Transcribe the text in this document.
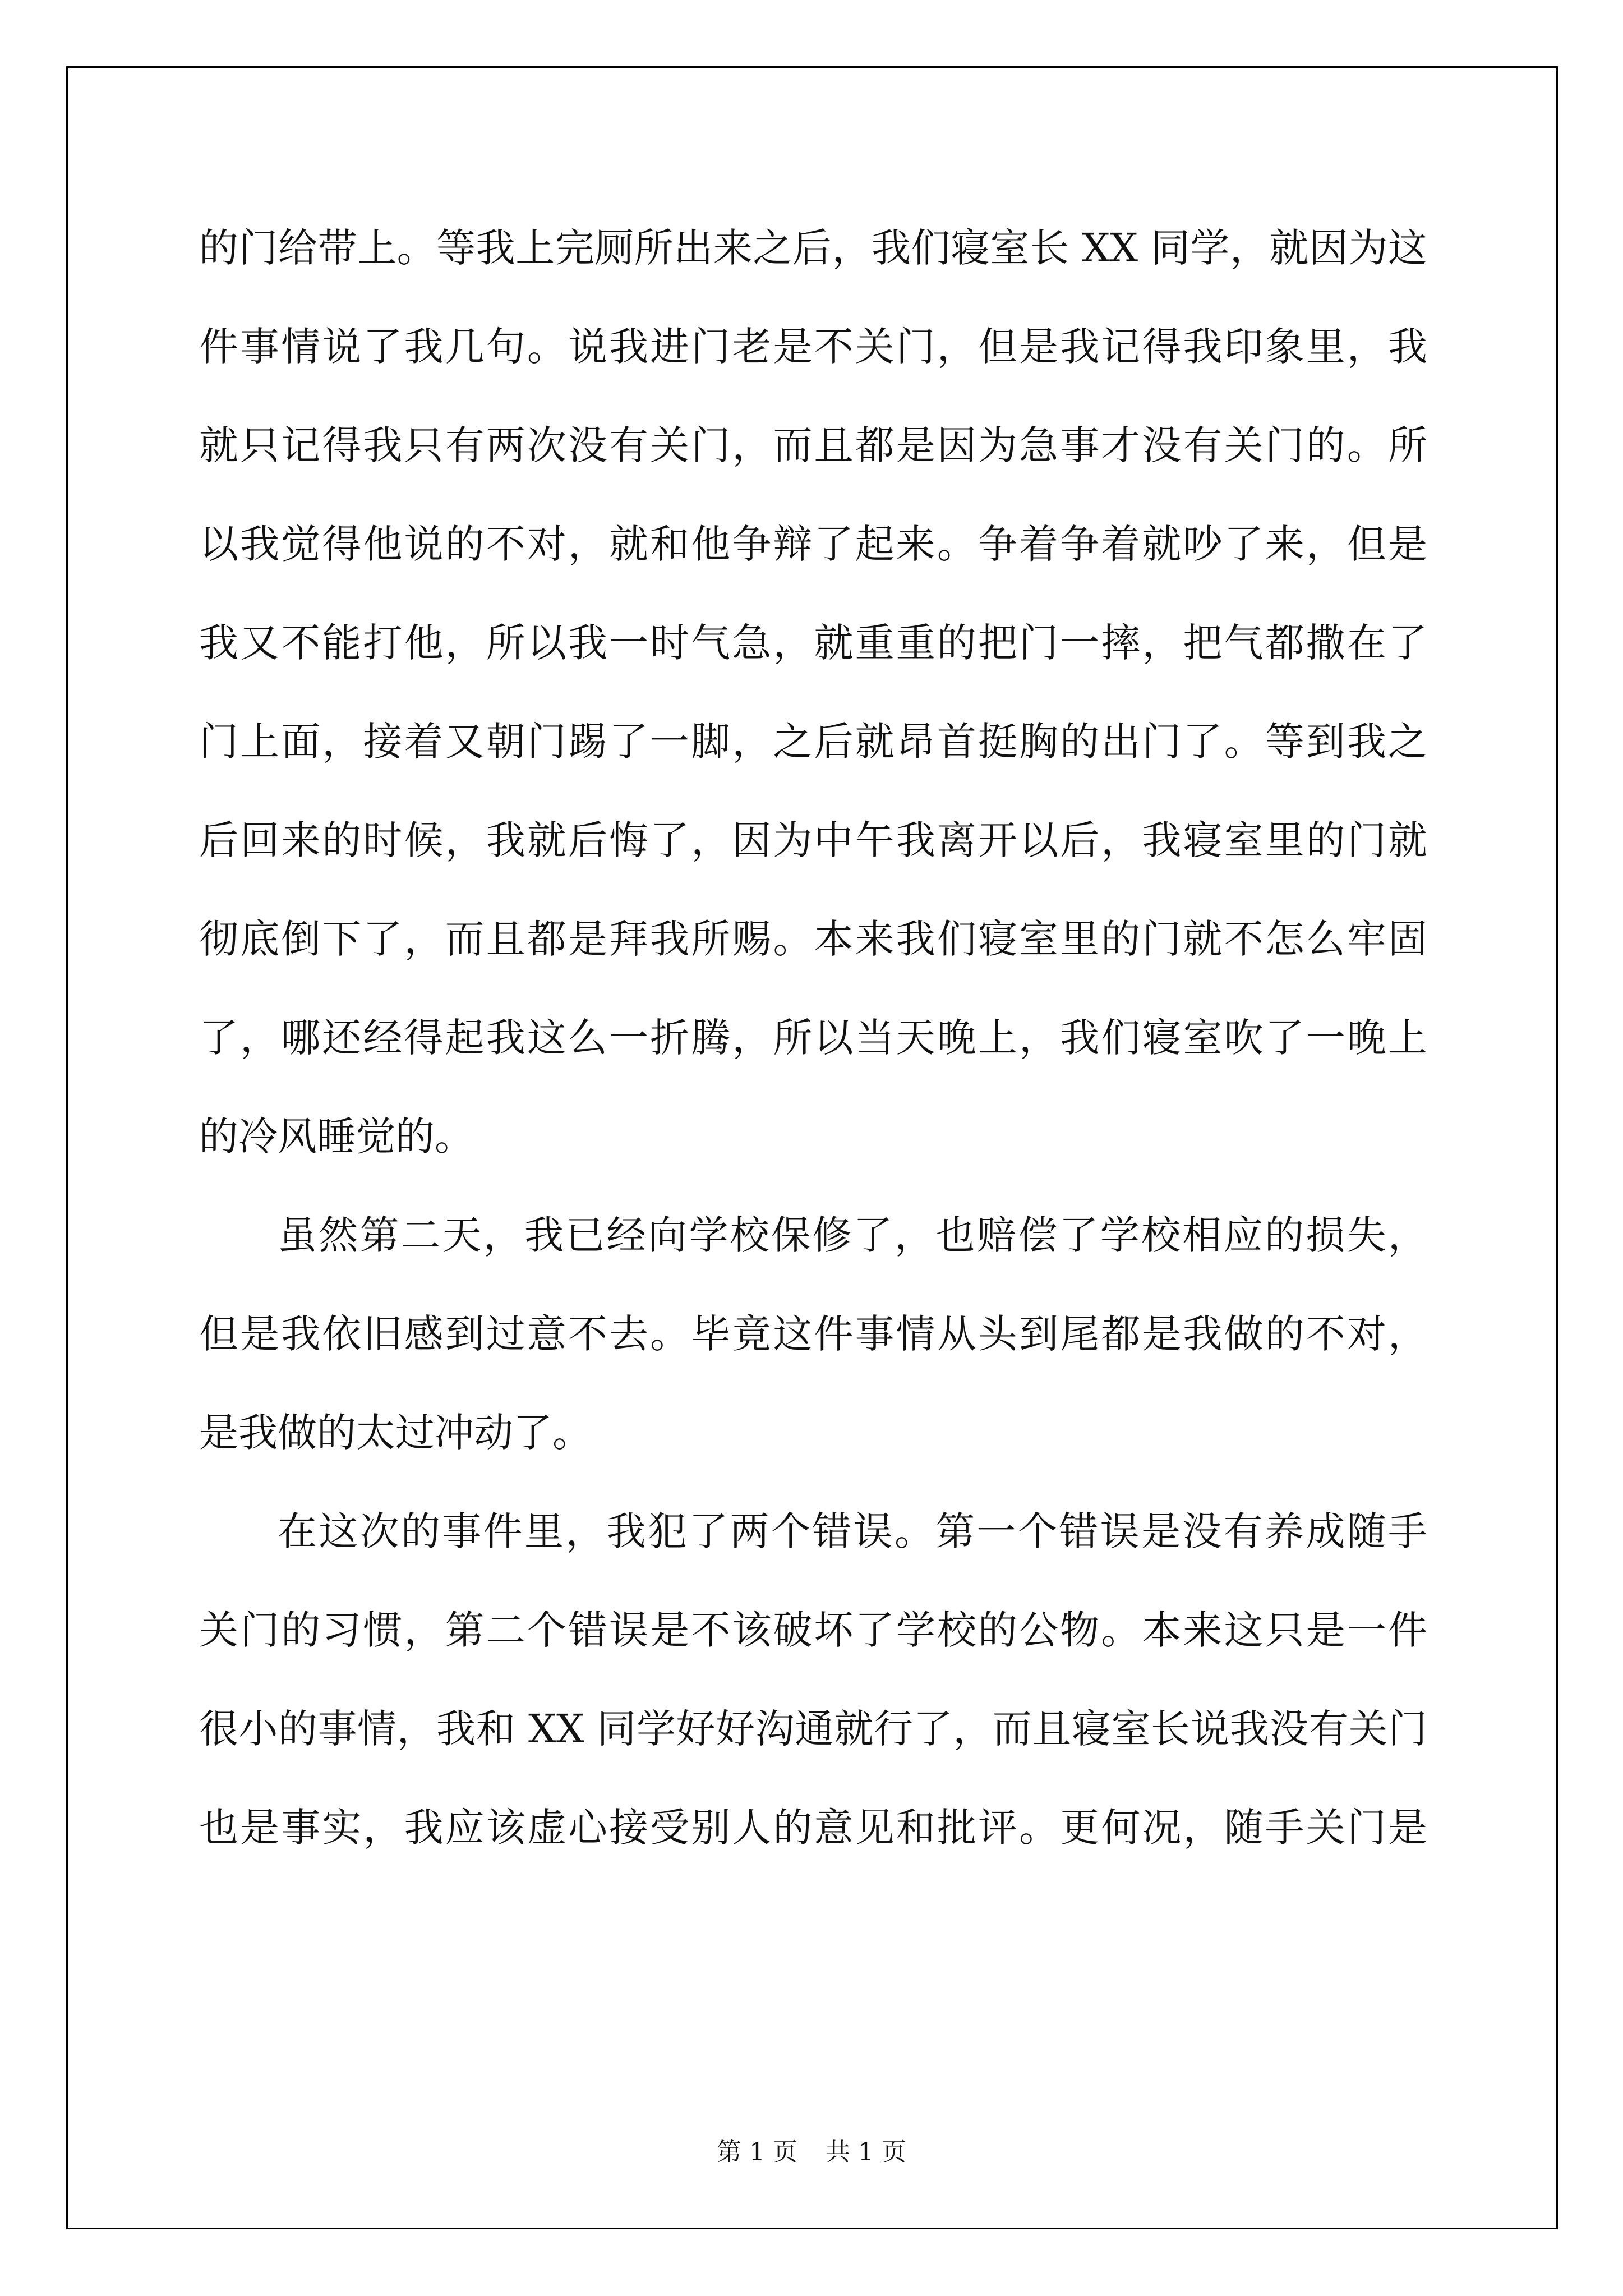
的门给带上。等我上完厕所出来之后，我们寝室长 XX 同学，就因为这
件事情说了我几句。说我进门老是不关门，但是我记得我印象里，我
就只记得我只有两次没有关门，而且都是因为急事才没有关门的。所
以我觉得他说的不对，就和他争辩了起来。争着争着就吵了来，但是
我又不能打他，所以我一时气急，就重重的把门一摔，把气都撒在了
门上面，接着又朝门踢了一脚，之后就昂首挺胸的出门了。等到我之
后回来的时候，我就后悔了，因为中午我离开以后，我寝室里的门就
彻底倒下了，而且都是拜我所赐。本来我们寝室里的门就不怎么牢固
了，哪还经得起我这么一折腾，所以当天晚上，我们寝室吹了一晚上
的冷风睡觉的。
虽然第二天，我已经向学校保修了，也赔偿了学校相应的损失，
但是我依旧感到过意不去。毕竟这件事情从头到尾都是我做的不对，
是我做的太过冲动了。
在这次的事件里，我犯了两个错误。第一个错误是没有养成随手
关门的习惯，第二个错误是不该破坏了学校的公物。本来这只是一件
很小的事情，我和 XX 同学好好沟通就行了，而且寝室长说我没有关门
也是事实，我应该虚心接受别人的意见和批评。更何况，随手关门是
第 1 页 共 1 页
